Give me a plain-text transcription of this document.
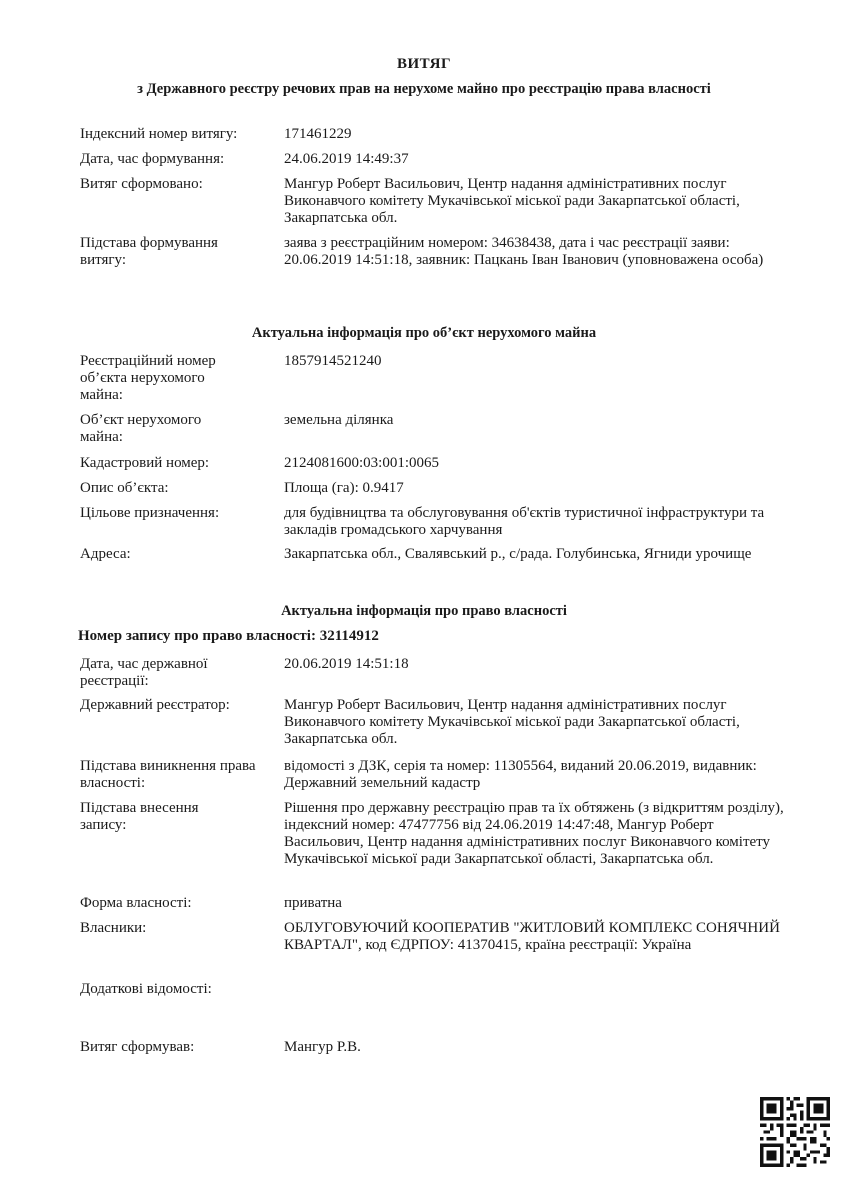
ВИТЯГ
з Державного реєстру речових прав на нерухоме майно про реєстрацію права власності
Індексний номер витягу:	171461229
Дата, час формування:	24.06.2019 14:49:37
Витяг сформовано:	Мангур Роберт Васильович, Центр надання адміністративних послуг Виконавчого комітету Мукачівської міської ради Закарпатської області, Закарпатська обл.
Підстава формування витягу:
заява з реєстраційним номером: 34638438, дата і час реєстрації заяви: 20.06.2019 14:51:18, заявник: Пацкань Іван Іванович (уповноважена особа)
Актуальна інформація про об’єкт нерухомого майна
Реєстраційний номер об’єкта нерухомого майна:
1857914521240
Об’єкт нерухомого майна:
земельна ділянка
Кадастровий номер:	2124081600:03:001:0065
Опис об’єкта:	Площа (га): 0.9417
Цільове призначення:	для будівництва та обслуговування об'єктів туристичної інфраструктури та закладів громадського харчування
Адреса:	Закарпатська обл., Свалявський р., с/рада. Голубинська, Ягниди урочище
Актуальна інформація про право власності
Номер запису про право власності: 32114912
Дата, час державної реєстрації:
20.06.2019 14:51:18
Державний реєстратор:	Мангур Роберт Васильович, Центр надання адміністративних послуг Виконавчого комітету Мукачівської міської ради Закарпатської області, Закарпатська обл.
Підстава виникнення права власності:
відомості з ДЗК, серія та номер: 11305564, виданий 20.06.2019, видавник: Державний земельний кадастр
Підстава внесення запису:
Рішення про державну реєстрацію прав та їх обтяжень (з відкриттям розділу), індексний номер: 47477756 від 24.06.2019 14:47:48, Мангур Роберт Васильович, Центр надання адміністративних послуг Виконавчого комітету Мукачівської міської ради Закарпатської області, Закарпатська обл.
Форма власності:	приватна
Власники:	ОБЛУГОВУЮЧИЙ КООПЕРАТИВ "ЖИТЛОВИЙ КОМПЛЕКС СОНЯЧНИЙ КВАРТАЛ", код ЄДРПОУ: 41370415, країна реєстрації: Україна
Додаткові відомості:
Витяг сформував:	Мангур Р.В.
